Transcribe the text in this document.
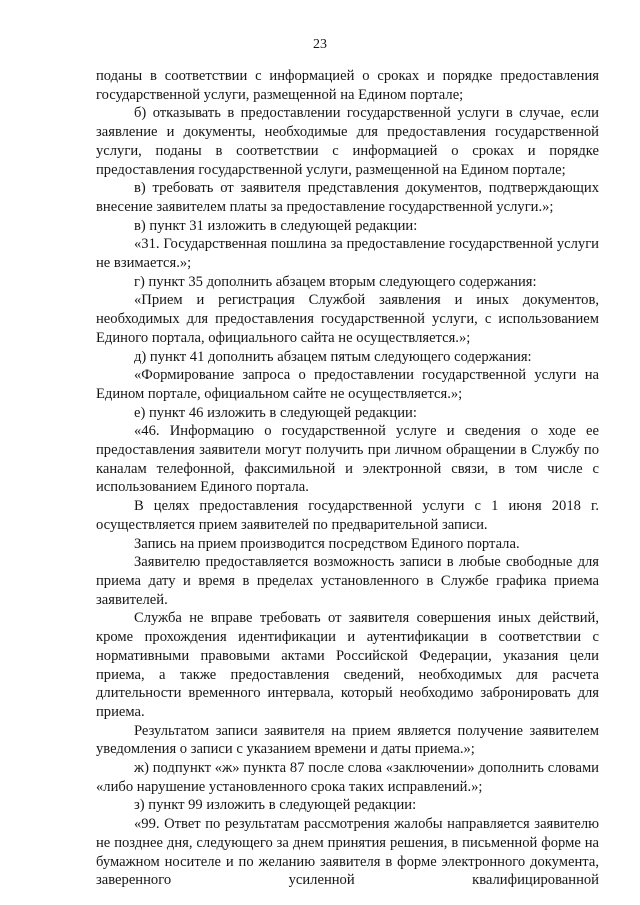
23

поданы в соответствии с информацией о сроках и порядке предоставления государственной услуги, размещенной на Едином портале;

б) отказывать в предоставлении государственной услуги в случае, если заявление и документы, необходимые для предоставления государственной услуги, поданы в соответствии с информацией о сроках и порядке предоставления государственной услуги, размещенной на Едином портале;

в) требовать от заявителя представления документов, подтверждающих внесение заявителем платы за предоставление государственной услуги.»;

в) пункт 31 изложить в следующей редакции:

«31. Государственная пошлина за предоставление государственной услуги не взимается.»;

г) пункт 35 дополнить абзацем вторым следующего содержания:

«Прием и регистрация Службой заявления и иных документов, необходимых для предоставления государственной услуги, с использованием Единого портала, официального сайта не осуществляется.»;

д) пункт 41 дополнить абзацем пятым следующего содержания:

«Формирование запроса о предоставлении государственной услуги на Едином портале, официальном сайте не осуществляется.»;

е) пункт 46 изложить в следующей редакции:

«46. Информацию о государственной услуге и сведения о ходе ее предоставления заявители могут получить при личном обращении в Службу по каналам телефонной, факсимильной и электронной связи, в том числе с использованием Единого портала.

В целях предоставления государственной услуги с 1 июня 2018 г. осуществляется прием заявителей по предварительной записи.

Запись на прием производится посредством Единого портала.

Заявителю предоставляется возможность записи в любые свободные для приема дату и время в пределах установленного в Службе графика приема заявителей.

Служба не вправе требовать от заявителя совершения иных действий, кроме прохождения идентификации и аутентификации в соответствии с нормативными правовыми актами Российской Федерации, указания цели приема, а также предоставления сведений, необходимых для расчета длительности временного интервала, который необходимо забронировать для приема.

Результатом записи заявителя на прием является получение заявителем уведомления о записи с указанием времени и даты приема.»;

ж) подпункт «ж» пункта 87 после слова «заключении» дополнить словами «либо нарушение установленного срока таких исправлений.»;

з) пункт 99 изложить в следующей редакции:

«99. Ответ по результатам рассмотрения жалобы направляется заявителю не позднее дня, следующего за днем принятия решения, в письменной форме на бумажном носителе и по желанию заявителя в форме электронного документа, заверенного усиленной квалифицированной
